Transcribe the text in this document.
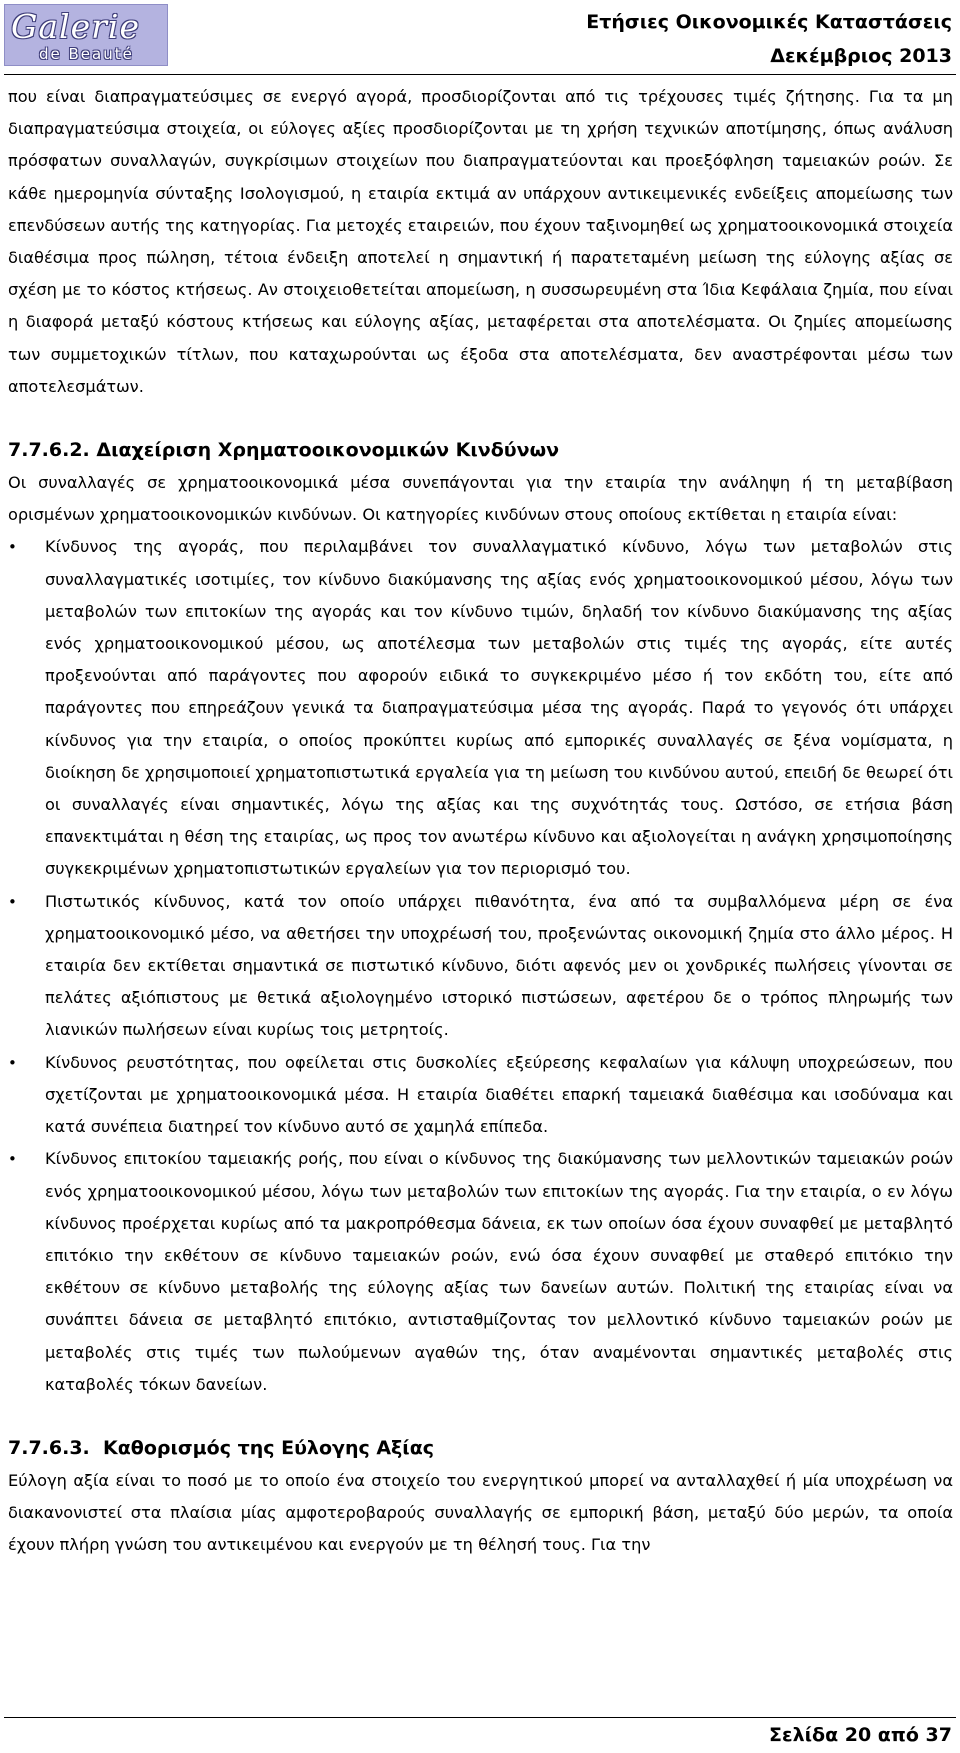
Galerie
de Beauté
Ετήσιες Οικονομικές Καταστάσεις
Δεκέμβριος 2013

που είναι διαπραγματεύσιμες σε ενεργό αγορά, προσδιορίζονται από τις τρέχουσες τιμές ζήτησης. Για τα μη διαπραγματεύσιμα στοιχεία, οι εύλογες αξίες προσδιορίζονται με τη χρήση τεχνικών αποτίμησης, όπως ανάλυση πρόσφατων συναλλαγών, συγκρίσιμων στοιχείων που διαπραγματεύονται και προεξόφληση ταμειακών ροών. Σε κάθε ημερομηνία σύνταξης Ισολογισμού, η εταιρία εκτιμά αν υπάρχουν αντικειμενικές ενδείξεις απομείωσης των επενδύσεων αυτής της κατηγορίας. Για μετοχές εταιρειών, που έχουν ταξινομηθεί ως χρηματοοικονομικά στοιχεία διαθέσιμα προς πώληση, τέτοια ένδειξη αποτελεί η σημαντική ή παρατεταμένη μείωση της εύλογης αξίας σε σχέση με το κόστος κτήσεως. Αν στοιχειοθετείται απομείωση, η συσσωρευμένη στα Ίδια Κεφάλαια ζημία, που είναι η διαφορά μεταξύ κόστους κτήσεως και εύλογης αξίας, μεταφέρεται στα αποτελέσματα. Οι ζημίες απομείωσης των συμμετοχικών τίτλων, που καταχωρούνται ως έξοδα στα αποτελέσματα, δεν αναστρέφονται μέσω των αποτελεσμάτων.

7.7.6.2. Διαχείριση Χρηματοοικονομικών Κινδύνων

Οι συναλλαγές σε χρηματοοικονομικά μέσα συνεπάγονται για την εταιρία την ανάληψη ή τη μεταβίβαση ορισμένων χρηματοοικονομικών κινδύνων. Οι κατηγορίες κινδύνων στους οποίους εκτίθεται η εταιρία είναι:

• Κίνδυνος της αγοράς, που περιλαμβάνει τον συναλλαγματικό κίνδυνο, λόγω των μεταβολών στις συναλλαγματικές ισοτιμίες, τον κίνδυνο διακύμανσης της αξίας ενός χρηματοοικονομικού μέσου, λόγω των μεταβολών των επιτοκίων της αγοράς και τον κίνδυνο τιμών, δηλαδή τον κίνδυνο διακύμανσης της αξίας ενός χρηματοοικονομικού μέσου, ως αποτέλεσμα των μεταβολών στις τιμές της αγοράς, είτε αυτές προξενούνται από παράγοντες που αφορούν ειδικά το συγκεκριμένο μέσο ή τον εκδότη του, είτε από παράγοντες που επηρεάζουν γενικά τα διαπραγματεύσιμα μέσα της αγοράς. Παρά το γεγονός ότι υπάρχει κίνδυνος για την εταιρία, ο οποίος προκύπτει κυρίως από εμπορικές συναλλαγές σε ξένα νομίσματα, η διοίκηση δε χρησιμοποιεί χρηματοπιστωτικά εργαλεία για τη μείωση του κινδύνου αυτού, επειδή δε θεωρεί ότι οι συναλλαγές είναι σημαντικές, λόγω της αξίας και της συχνότητάς τους. Ωστόσο, σε ετήσια βάση επανεκτιμάται η θέση της εταιρίας, ως προς τον ανωτέρω κίνδυνο και αξιολογείται η ανάγκη χρησιμοποίησης συγκεκριμένων χρηματοπιστωτικών εργαλείων για τον περιορισμό του.

• Πιστωτικός κίνδυνος, κατά τον οποίο υπάρχει πιθανότητα, ένα από τα συμβαλλόμενα μέρη σε ένα χρηματοοικονομικό μέσο, να αθετήσει την υποχρέωσή του, προξενώντας οικονομική ζημία στο άλλο μέρος. Η εταιρία δεν εκτίθεται σημαντικά σε πιστωτικό κίνδυνο, διότι αφενός μεν οι χονδρικές πωλήσεις γίνονται σε πελάτες αξιόπιστους με θετικά αξιολογημένο ιστορικό πιστώσεων, αφετέρου δε ο τρόπος πληρωμής των λιανικών πωλήσεων είναι κυρίως τοις μετρητοίς.

• Κίνδυνος ρευστότητας, που οφείλεται στις δυσκολίες εξεύρεσης κεφαλαίων για κάλυψη υποχρεώσεων, που σχετίζονται με χρηματοοικονομικά μέσα. Η εταιρία διαθέτει επαρκή ταμειακά διαθέσιμα και ισοδύναμα και κατά συνέπεια διατηρεί τον κίνδυνο αυτό σε χαμηλά επίπεδα.

• Κίνδυνος επιτοκίου ταμειακής ροής, που είναι ο κίνδυνος της διακύμανσης των μελλοντικών ταμειακών ροών ενός χρηματοοικονομικού μέσου, λόγω των μεταβολών των επιτοκίων της αγοράς. Για την εταιρία, ο εν λόγω κίνδυνος προέρχεται κυρίως από τα μακροπρόθεσμα δάνεια, εκ των οποίων όσα έχουν συναφθεί με μεταβλητό επιτόκιο την εκθέτουν σε κίνδυνο ταμειακών ροών, ενώ όσα έχουν συναφθεί με σταθερό επιτόκιο την εκθέτουν σε κίνδυνο μεταβολής της εύλογης αξίας των δανείων αυτών. Πολιτική της εταιρίας είναι να συνάπτει δάνεια σε μεταβλητό επιτόκιο, αντισταθμίζοντας τον μελλοντικό κίνδυνο ταμειακών ροών με μεταβολές στις τιμές των πωλούμενων αγαθών της, όταν αναμένονται σημαντικές μεταβολές στις καταβολές τόκων δανείων.

7.7.6.3. Καθορισμός της Εύλογης Αξίας

Εύλογη αξία είναι το ποσό με το οποίο ένα στοιχείο του ενεργητικού μπορεί να ανταλλαχθεί ή μία υποχρέωση να διακανονιστεί στα πλαίσια μίας αμφοτεροβαρούς συναλλαγής σε εμπορική βάση, μεταξύ δύο μερών, τα οποία έχουν πλήρη γνώση του αντικειμένου και ενεργούν με τη θέλησή τους. Για την

Σελίδα 20 από 37
